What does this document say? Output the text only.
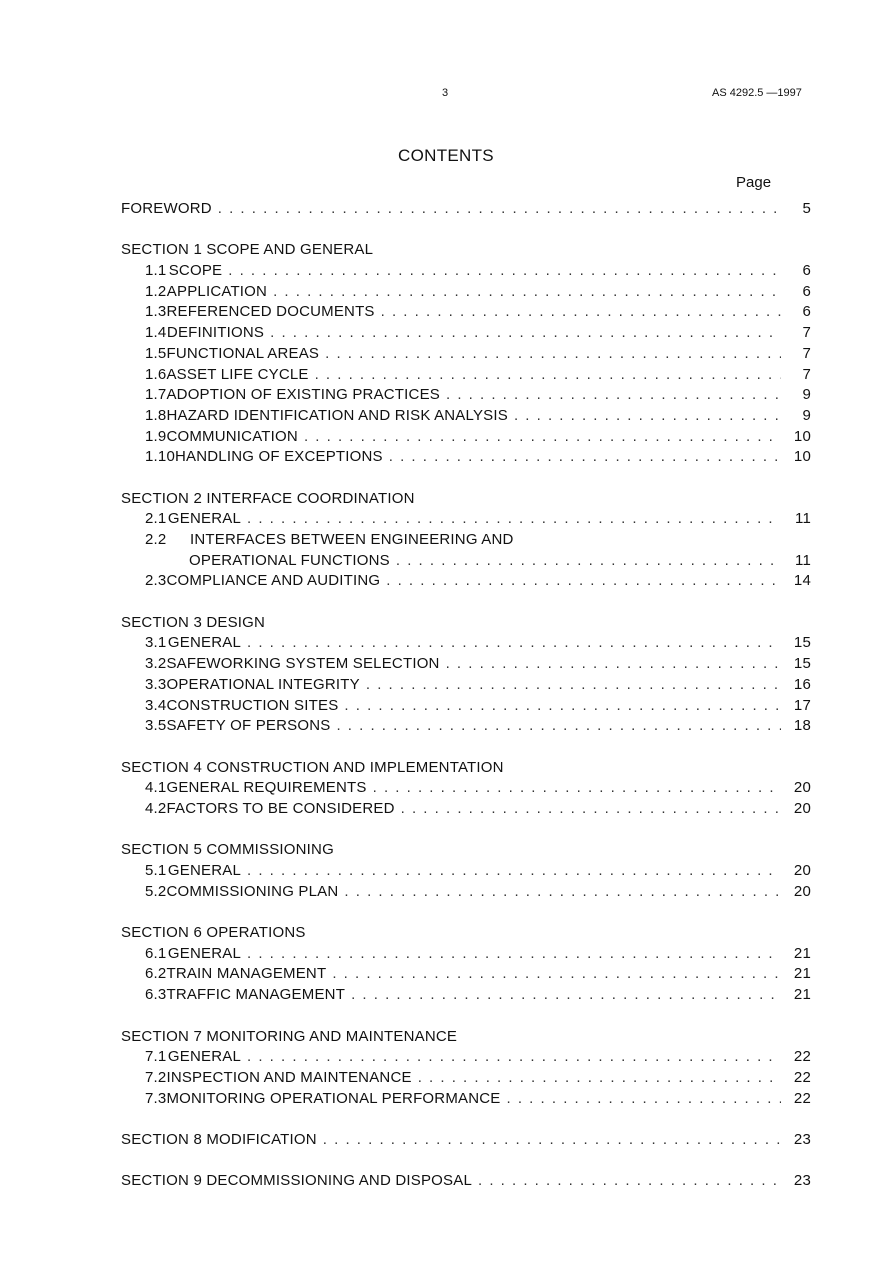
3	AS 4292.5 —1997
CONTENTS
Page
FOREWORD . . .	5
SECTION 1 SCOPE AND GENERAL
1.1 SCOPE . . .	6
1.2 APPLICATION . . .	6
1.3 REFERENCED DOCUMENTS . . .	6
1.4 DEFINITIONS . . .	7
1.5 FUNCTIONAL AREAS . . .	7
1.6 ASSET LIFE CYCLE . . .	7
1.7 ADOPTION OF EXISTING PRACTICES . . .	9
1.8 HAZARD IDENTIFICATION AND RISK ANALYSIS . . .	9
1.9 COMMUNICATION . . .	10
1.10 HANDLING OF EXCEPTIONS . . .	10
SECTION 2 INTERFACE COORDINATION
2.1 GENERAL . . .	11
2.2	INTERFACES BETWEEN ENGINEERING AND
OPERATIONAL FUNCTIONS . . .	11
2.3 COMPLIANCE AND AUDITING . . .	14
SECTION 3 DESIGN
3.1 GENERAL . . .	15
3.2 SAFEWORKING SYSTEM SELECTION . . .	15
3.3 OPERATIONAL INTEGRITY . . .	16
3.4 CONSTRUCTION SITES . . .	17
3.5 SAFETY OF PERSONS . . .	18
SECTION 4 CONSTRUCTION AND IMPLEMENTATION
4.1 GENERAL REQUIREMENTS . . .	20
4.2 FACTORS TO BE CONSIDERED . . .	20
SECTION 5 COMMISSIONING
5.1 GENERAL . . .	20
5.2 COMMISSIONING PLAN . . .	20
SECTION 6 OPERATIONS
6.1 GENERAL . . .	21
6.2 TRAIN MANAGEMENT . . .	21
6.3 TRAFFIC MANAGEMENT . . .	21
SECTION 7 MONITORING AND MAINTENANCE
7.1 GENERAL . . .	22
7.2 INSPECTION AND MAINTENANCE . . .	22
7.3 MONITORING OPERATIONAL PERFORMANCE . . .	22
SECTION 8 MODIFICATION . . .	23
SECTION 9 DECOMMISSIONING AND DISPOSAL . . .	23
